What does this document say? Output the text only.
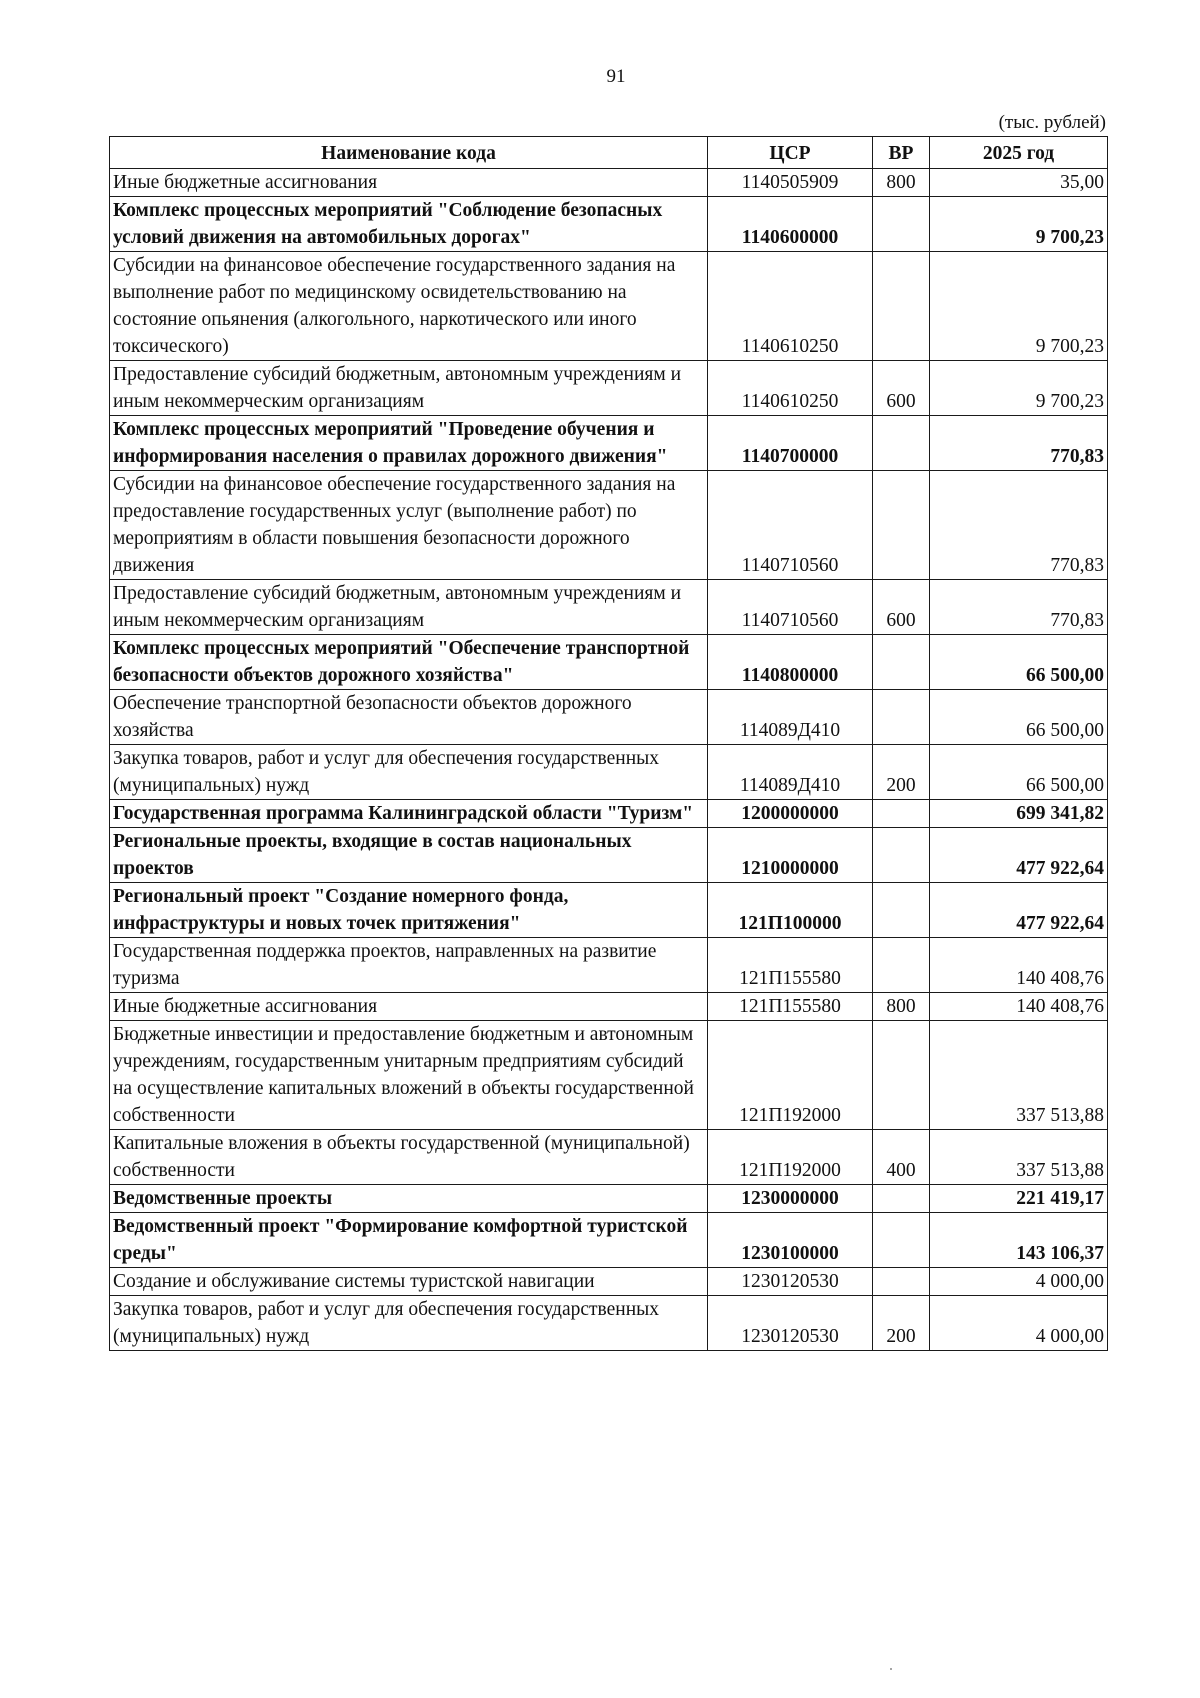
91
(тыс. рублей)
Наименование кода	ЦСР	ВР	2025 год
Иные бюджетные ассигнования	1140505909	800	35,00
Комплекс процессных мероприятий "Соблюдение безопасных условий движения на автомобильных дорогах"	1140600000		9 700,23
Субсидии на финансовое обеспечение государственного задания на выполнение работ по медицинскому освидетельствованию на состояние опьянения (алкогольного, наркотического или иного токсического)	1140610250		9 700,23
Предоставление субсидий бюджетным, автономным учреждениям и иным некоммерческим организациям	1140610250	600	9 700,23
Комплекс процессных мероприятий "Проведение обучения и информирования населения о правилах дорожного движения"	1140700000		770,83
Субсидии на финансовое обеспечение государственного задания на предоставление государственных услуг (выполнение работ) по мероприятиям в области повышения безопасности дорожного движения	1140710560		770,83
Предоставление субсидий бюджетным, автономным учреждениям и иным некоммерческим организациям	1140710560	600	770,83
Комплекс процессных мероприятий "Обеспечение транспортной безопасности объектов дорожного хозяйства"	1140800000		66 500,00
Обеспечение транспортной безопасности объектов дорожного хозяйства	114089Д410		66 500,00
Закупка товаров, работ и услуг для обеспечения государственных (муниципальных) нужд	114089Д410	200	66 500,00
Государственная программа Калининградской области "Туризм"	1200000000		699 341,82
Региональные проекты, входящие в состав национальных проектов	1210000000		477 922,64
Региональный проект "Создание номерного фонда, инфраструктуры и новых точек притяжения"	121П100000		477 922,64
Государственная поддержка проектов, направленных на развитие туризма	121П155580		140 408,76
Иные бюджетные ассигнования	121П155580	800	140 408,76
Бюджетные инвестиции и предоставление бюджетным и автономным учреждениям, государственным унитарным предприятиям субсидий на осуществление капитальных вложений в объекты государственной собственности	121П192000		337 513,88
Капитальные вложения в объекты государственной (муниципальной) собственности	121П192000	400	337 513,88
Ведомственные проекты	1230000000		221 419,17
Ведомственный проект "Формирование комфортной туристской среды"	1230100000		143 106,37
Создание и обслуживание системы туристской навигации	1230120530		4 000,00
Закупка товаров, работ и услуг для обеспечения государственных (муниципальных) нужд	1230120530	200	4 000,00
